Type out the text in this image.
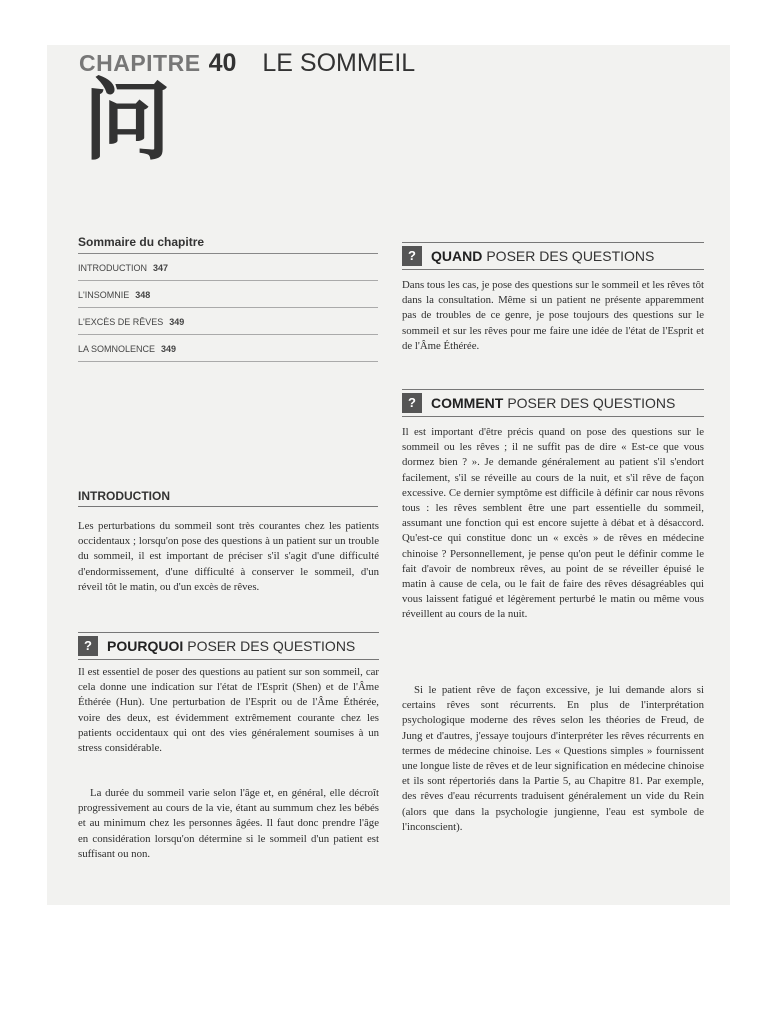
CHAPITRE 40 LE SOMMEIL
问
Sommaire du chapitre
INTRODUCTION 347
L'INSOMNIE 348
L'EXCÈS DE RÊVES 349
LA SOMNOLENCE 349
INTRODUCTION

Les perturbations du sommeil sont très courantes chez les patients occidentaux ; lorsqu'on pose des questions à un patient sur un trouble du sommeil, il est important de préciser s'il s'agit d'une difficulté d'endormissement, d'une difficulté à conserver le sommeil, d'un réveil tôt le matin, ou d'un excès de rêves.

?	POURQUOI POSER DES QUESTIONS

Il est essentiel de poser des questions au patient sur son sommeil, car cela donne une indication sur l'état de l'Esprit (Shen) et de l'Âme Éthérée (Hun). Une perturbation de l'Esprit ou de l'Âme Éthérée, voire des deux, est évidemment extrêmement courante chez les patients occidentaux qui ont des vies généralement soumises à un stress considérable.

La durée du sommeil varie selon l'âge et, en général, elle décroît progressivement au cours de la vie, étant au summum chez les bébés et au minimum chez les personnes âgées. Il faut donc prendre l'âge en considération lorsqu'on détermine si le sommeil d'un patient est suffisant ou non.

?	QUAND POSER DES QUESTIONS

Dans tous les cas, je pose des questions sur le sommeil et les rêves tôt dans la consultation. Même si un patient ne présente apparemment pas de troubles de ce genre, je pose toujours des questions sur le sommeil et sur les rêves pour me faire une idée de l'état de l'Esprit et de l'Âme Éthérée.

?	COMMENT POSER DES QUESTIONS

Il est important d'être précis quand on pose des questions sur le sommeil ou les rêves ; il ne suffit pas de dire « Est-ce que vous dormez bien ? ». Je demande généralement au patient s'il s'endort facilement, s'il se réveille au cours de la nuit, et s'il rêve de façon excessive. Ce dernier symptôme est difficile à définir car nous rêvons tous : les rêves semblent être une part essentielle du sommeil, assumant une fonction qui est encore sujette à débat et à désaccord. Qu'est-ce qui constitue donc un « excès » de rêves en médecine chinoise ? Personnellement, je pense qu'on peut le définir comme le fait d'avoir de nombreux rêves, au point de se réveiller épuisé le matin à cause de cela, ou le fait de faire des rêves désagréables qui vous laissent fatigué et légèrement perturbé le matin ou même vous réveillent au cours de la nuit.

Si le patient rêve de façon excessive, je lui demande alors si certains rêves sont récurrents. En plus de l'interprétation psychologique moderne des rêves selon les théories de Freud, de Jung et d'autres, j'essaye toujours d'interpréter les rêves récurrents en termes de médecine chinoise. Les « Questions simples » fournissent une longue liste de rêves et de leur signification en médecine chinoise et ils sont répertoriés dans la Partie 5, au Chapitre 81. Par exemple, des rêves d'eau récurrents traduisent généralement un vide du Rein (alors que dans la psychologie jungienne, l'eau est symbole de l'inconscient).
